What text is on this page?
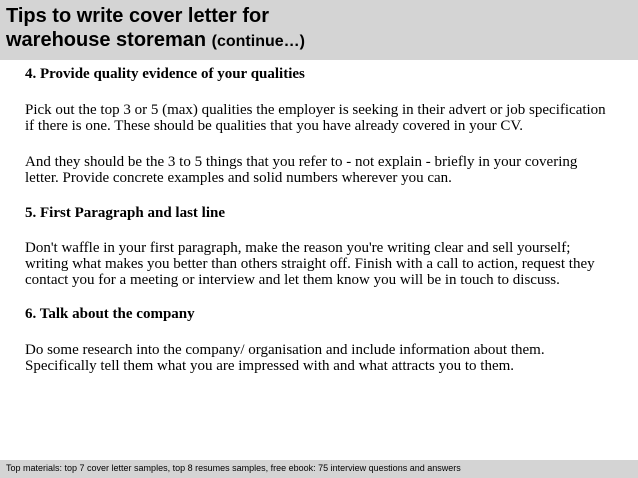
Tips to write cover letter for
warehouse storeman (continue…)

4. Provide quality evidence of your qualities

Pick out the top 3 or 5 (max) qualities the employer is seeking in their advert or job specification
if there is one. These should be qualities that you have already covered in your CV.
And they should be the 3 to 5 things that you refer to - not explain - briefly in your covering
letter. Provide concrete examples and solid numbers wherever you can.

5. First Paragraph and last line

Don't waffle in your first paragraph, make the reason you're writing clear and sell yourself;
writing what makes you better than others straight off. Finish with a call to action, request they
contact you for a meeting or interview and let them know you will be in touch to discuss.

6. Talk about the company

Do some research into the company/ organisation and include information about them.
Specifically tell them what you are impressed with and what attracts you to them.
Top materials: top 7 cover letter samples, top 8 resumes samples, free ebook: 75 interview questions and answers
